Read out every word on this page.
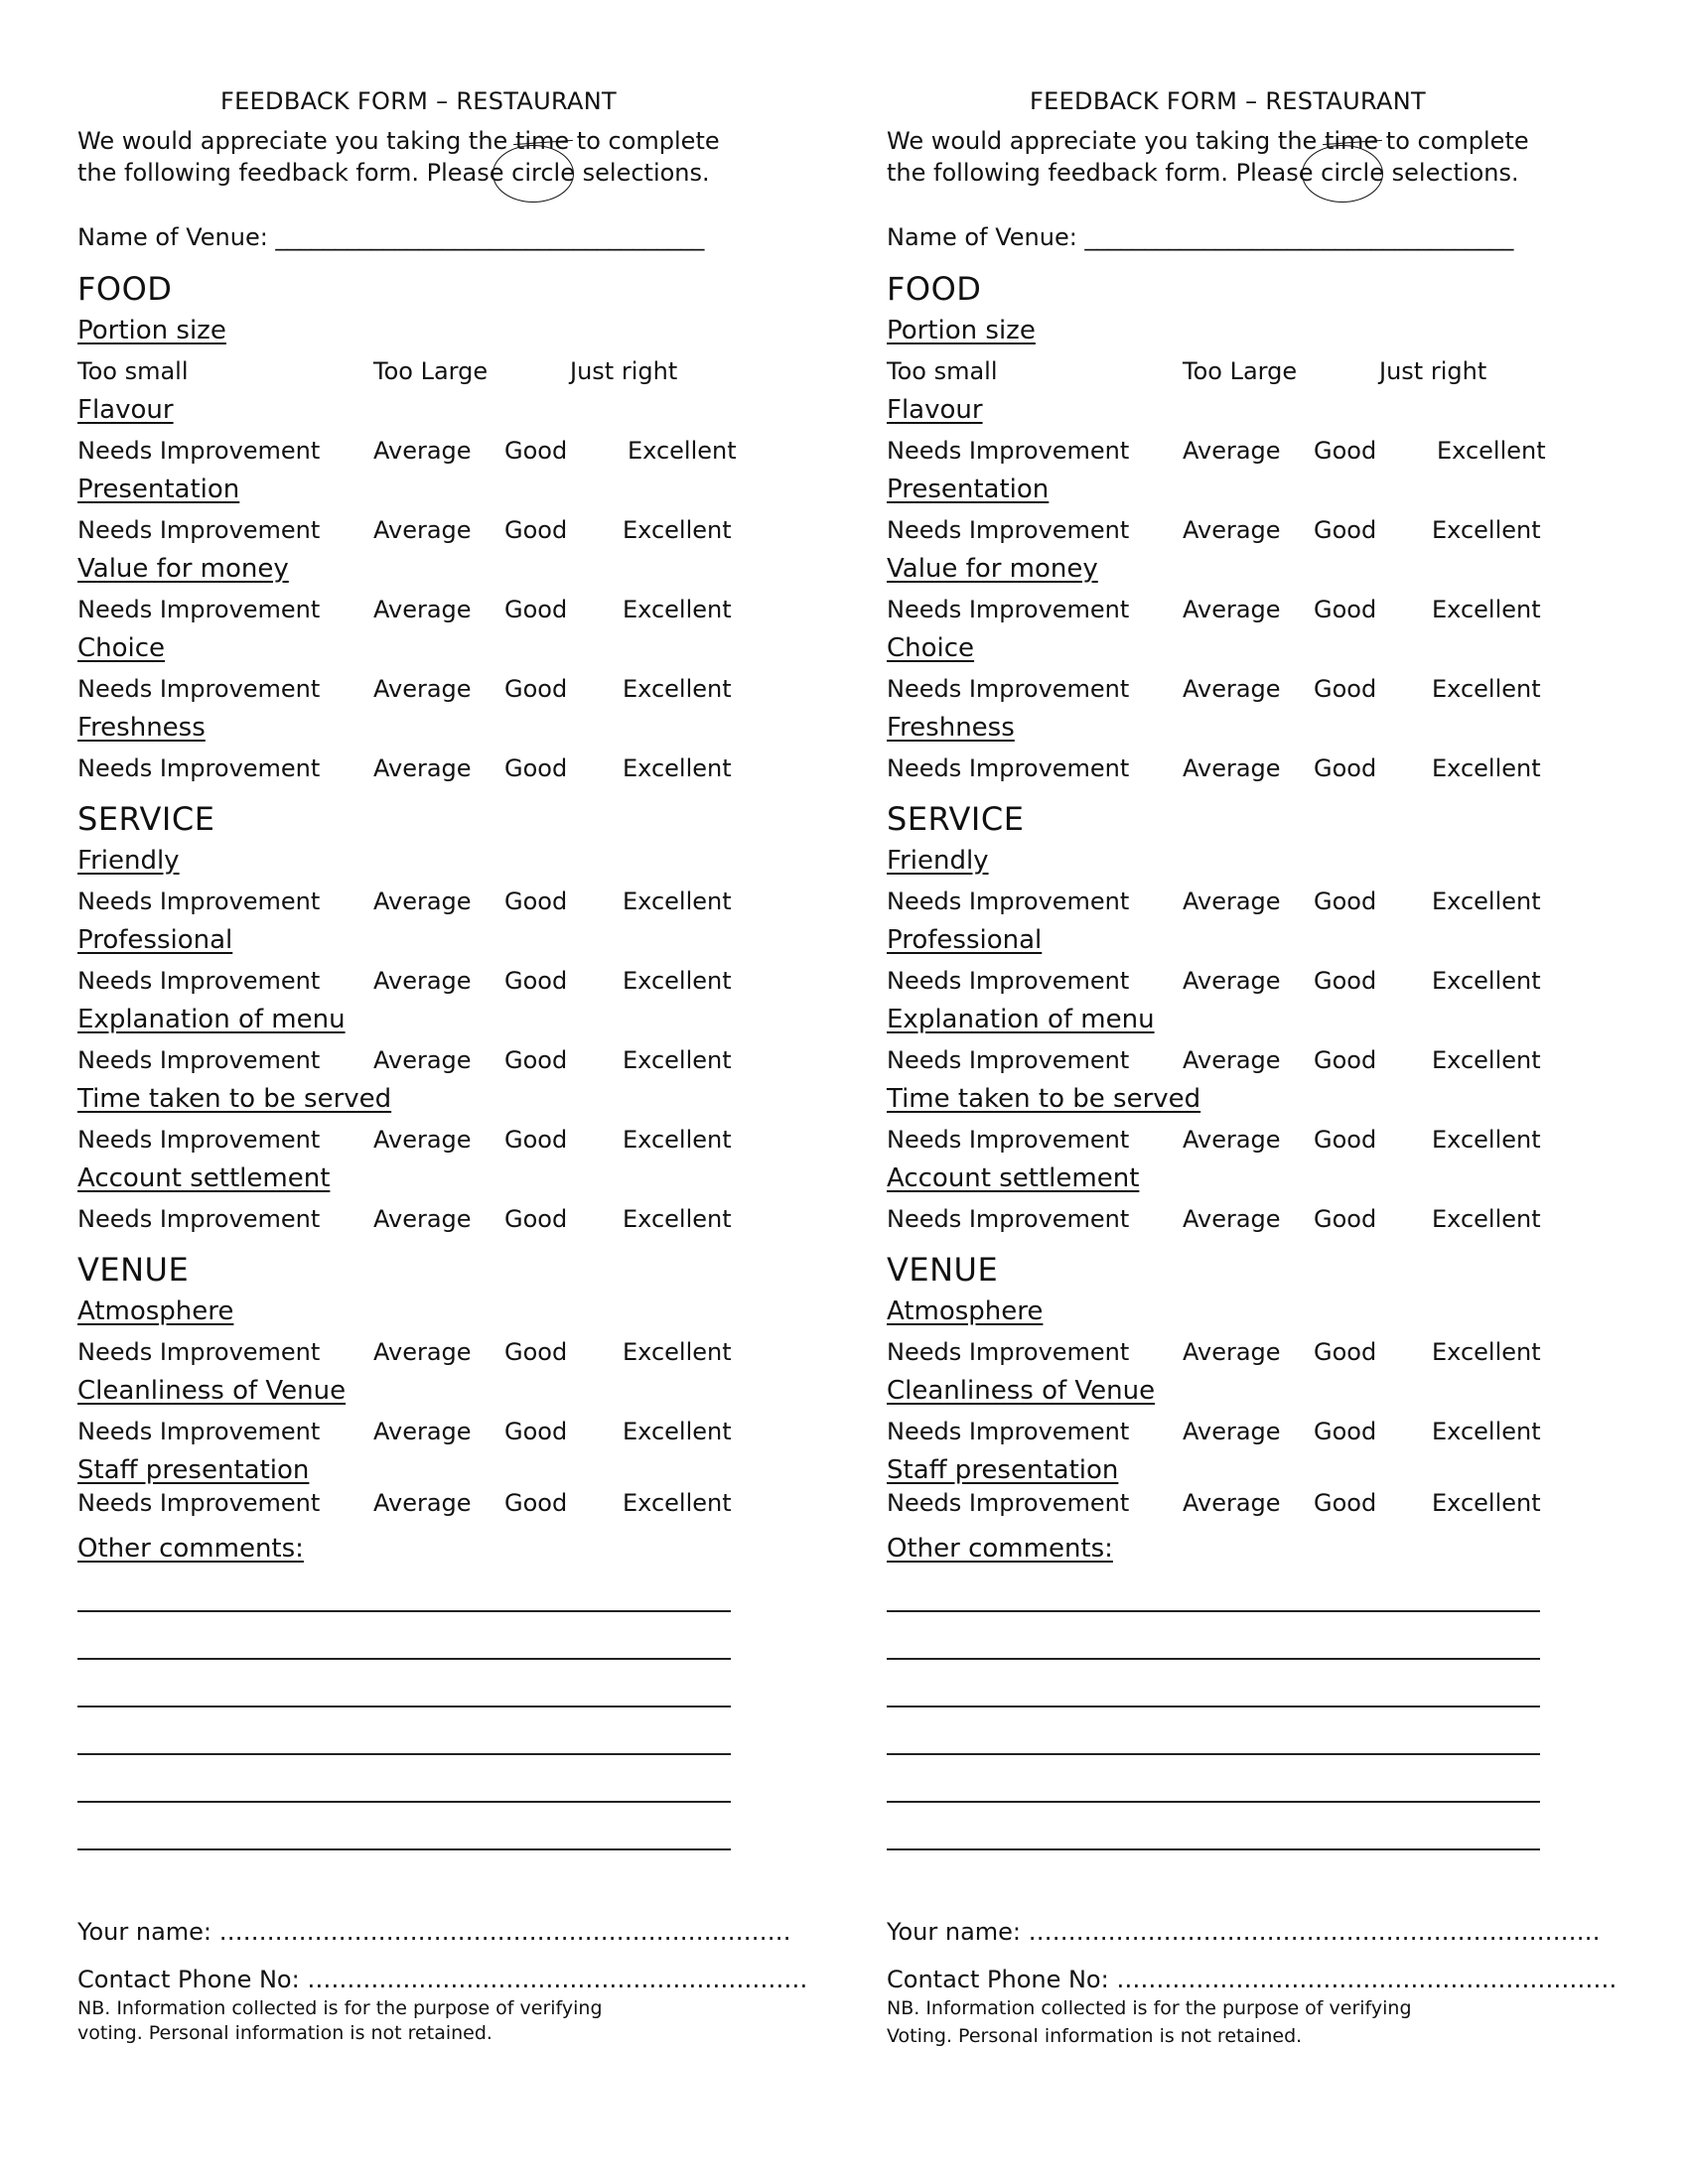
FEEDBACK FORM – RESTAURANT
We would appreciate you taking the time to complete
the following feedback form. Please circle selections.
Name of Venue: ____________________________________
FOOD
Portion size
Too small	Too Large	Just right
Flavour
Needs Improvement Average Good	Excellent
Presentation
Needs Improvement Average Good Excellent
Value for money
Needs Improvement Average Good Excellent
Choice
Needs Improvement Average Good Excellent
Freshness
Needs Improvement Average Good Excellent
SERVICE
Friendly
Needs Improvement Average Good Excellent
Professional
Needs Improvement Average Good Excellent
Explanation of menu
Needs Improvement Average Good Excellent
Time taken to be served
Needs Improvement Average Good Excellent
Account settlement
Needs Improvement Average Good Excellent
VENUE
Atmosphere
Needs Improvement Average Good Excellent
Cleanliness of Venue
Needs Improvement Average Good Excellent
Staff presentation
Needs Improvement Average Good Excellent
Other comments:
Your name: ………………………………………………………………
Contact Phone No: ………………………………………………………
NB. Information collected is for the purpose of verifying
voting. Personal information is not retained.
FEEDBACK FORM – RESTAURANT
We would appreciate you taking the time to complete
the following feedback form. Please circle selections.
Name of Venue: ____________________________________
FOOD
Portion size
Too small	Too Large	Just right
Flavour
Needs Improvement Average Good	Excellent
Presentation
Needs Improvement Average Good Excellent
Value for money
Needs Improvement Average Good Excellent
Choice
Needs Improvement Average Good Excellent
Freshness
Needs Improvement Average Good Excellent
SERVICE
Friendly
Needs Improvement Average Good Excellent
Professional
Needs Improvement Average Good Excellent
Explanation of menu
Needs Improvement Average Good Excellent
Time taken to be served
Needs Improvement Average Good Excellent
Account settlement
Needs Improvement Average Good Excellent
VENUE
Atmosphere
Needs Improvement Average Good Excellent
Cleanliness of Venue
Needs Improvement Average Good Excellent
Staff presentation
Needs Improvement Average Good Excellent
Other comments:
Your name: ………………………………………………………………
Contact Phone No: ………………………………………………………
NB. Information collected is for the purpose of verifying
Voting. Personal information is not retained.
